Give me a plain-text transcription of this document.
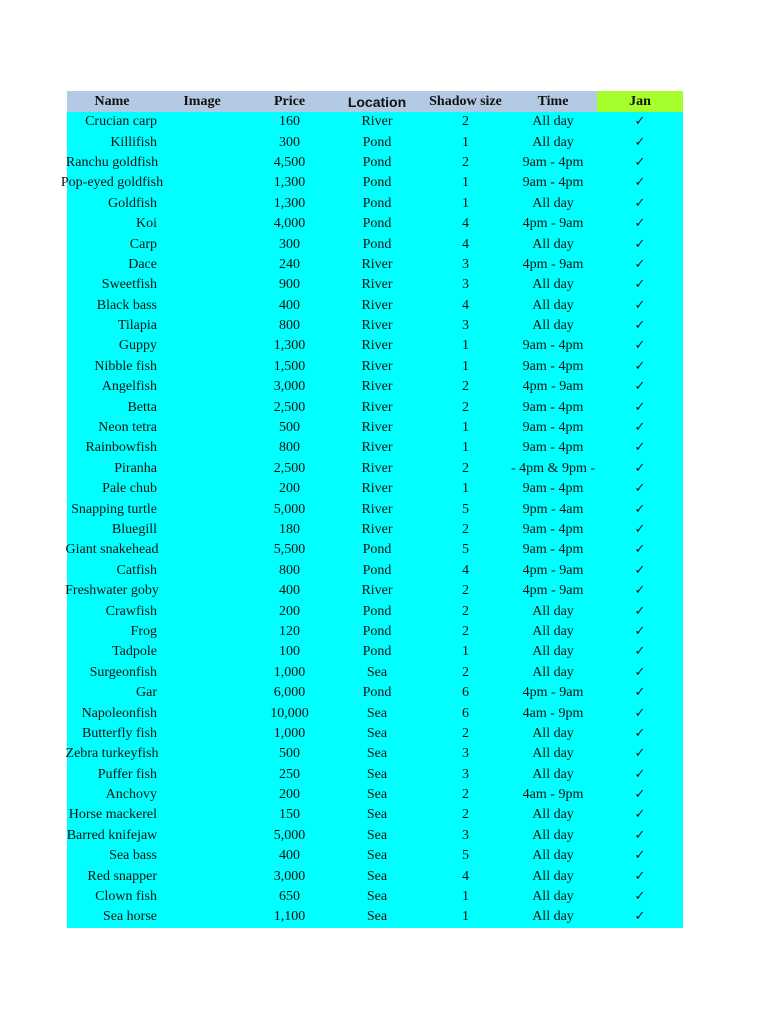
Name	Image	Price	Location	Shadow size	Time	Jan

Crucian carp		160	River	2	All day	✓

Killifish		300	Pond	1	All day	✓

Ranchu goldfish		4,500	Pond	2	9am - 4pm	✓

Pop-eyed goldfish		1,300	Pond	1	9am - 4pm	✓

Goldfish		1,300	Pond	1	All day	✓

Koi		4,000	Pond	4	4pm - 9am	✓

Carp		300	Pond	4	All day	✓

Dace		240	River	3	4pm - 9am	✓

Sweetfish		900	River	3	All day	✓

Black bass		400	River	4	All day	✓

Tilapia		800	River	3	All day	✓

Guppy		1,300	River	1	9am - 4pm	✓

Nibble fish		1,500	River	1	9am - 4pm	✓

Angelfish		3,000	River	2	4pm - 9am	✓

Betta		2,500	River	2	9am - 4pm	✓

Neon tetra		500	River	1	9am - 4pm	✓

Rainbowfish		800	River	1	9am - 4pm	✓

Piranha		2,500	River	2	- 4pm & 9pm -	✓

Pale chub		200	River	1	9am - 4pm	✓

Snapping turtle		5,000	River	5	9pm - 4am	✓

Bluegill		180	River	2	9am - 4pm	✓

Giant snakehead		5,500	Pond	5	9am - 4pm	✓

Catfish		800	Pond	4	4pm - 9am	✓

Freshwater goby		400	River	2	4pm - 9am	✓

Crawfish		200	Pond	2	All day	✓

Frog		120	Pond	2	All day	✓

Tadpole		100	Pond	1	All day	✓

Surgeonfish		1,000	Sea	2	All day	✓

Gar		6,000	Pond	6	4pm - 9am	✓

Napoleonfish		10,000	Sea	6	4am - 9pm	✓

Butterfly fish		1,000	Sea	2	All day	✓

Zebra turkeyfish		500	Sea	3	All day	✓

Puffer fish		250	Sea	3	All day	✓

Anchovy		200	Sea	2	4am - 9pm	✓

Horse mackerel		150	Sea	2	All day	✓

Barred knifejaw		5,000	Sea	3	All day	✓

Sea bass		400	Sea	5	All day	✓

Red snapper		3,000	Sea	4	All day	✓

Clown fish		650	Sea	1	All day	✓

Sea horse		1,100	Sea	1	All day	✓
